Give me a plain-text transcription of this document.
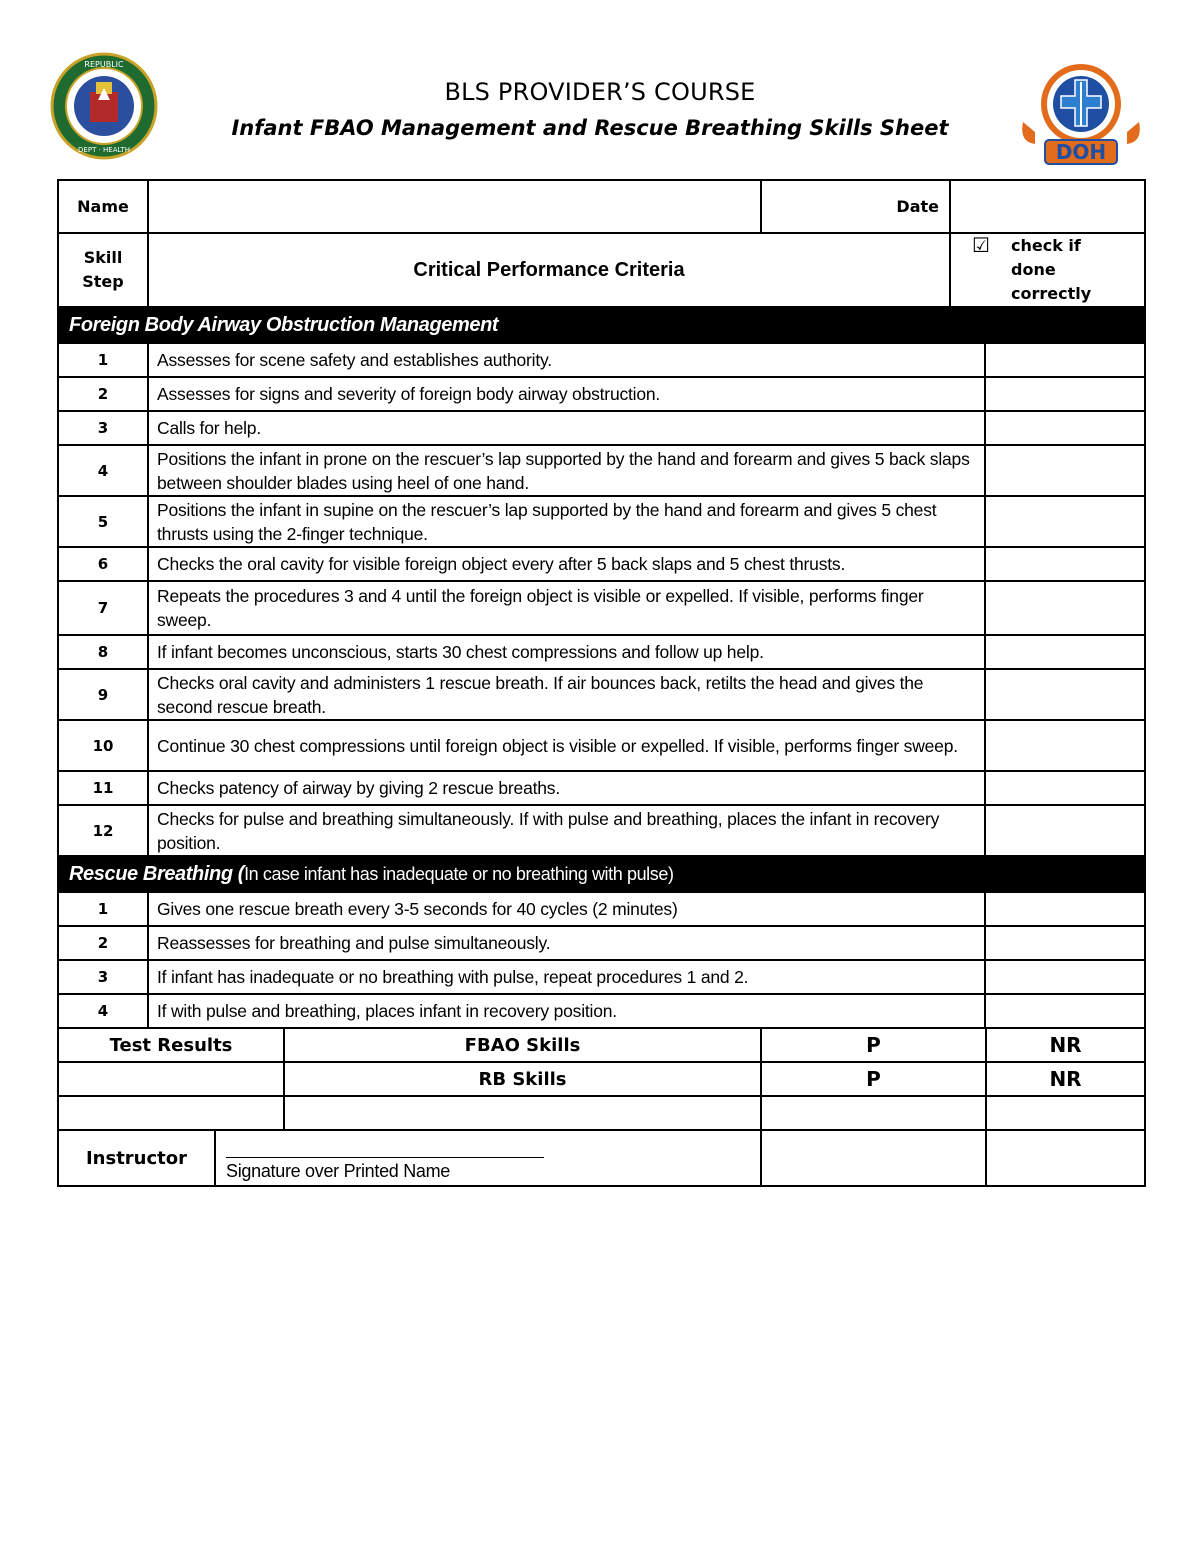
REPUBLIC
DEPT · HEALTH
BLS PROVIDER’S COURSE
Infant FBAO Management and Rescue Breathing Skills Sheet
DOH
Name		Date		
Skill Step	Critical Performance Criteria		☑ check if done correctly	

Foreign Body Airway Obstruction Management				
1	Assesses for scene safety and establishes authority.			
2	Assesses for signs and severity of foreign body airway obstruction.			
3	Calls for help.			
4	Positions the infant in prone on the rescuer’s lap supported by the hand and forearm and gives 5 back slaps between shoulder blades using heel of one hand.			
5	Positions the infant in supine on the rescuer’s lap supported by the hand and forearm and gives 5 chest thrusts using the 2-finger technique.			
6	Checks the oral cavity for visible foreign object every after 5 back slaps and 5 chest thrusts.			
7	Repeats the procedures 3 and 4 until the foreign object is visible or expelled. If visible, performs finger sweep.			
8	If infant becomes unconscious, starts 30 chest compressions and follow up help.			
9	Checks oral cavity and administers 1 rescue breath. If air bounces back, retilts the head and gives the second rescue breath.			
10	Continue 30 chest compressions until foreign object is visible or expelled. If visible, performs finger sweep.			
11	Checks patency of airway by giving 2 rescue breaths.			
12	Checks for pulse and breathing simultaneously. If with pulse and breathing, places the infant in recovery position.			
Rescue Breathing (In case infant has inadequate or no breathing with pulse)				
1	Gives one rescue breath every 3-5 seconds for 40 cycles (2 minutes)			
2	Reassesses for breathing and pulse simultaneously.			
3	If infant has inadequate or no breathing with pulse, repeat procedures 1 and 2.			
4	If with pulse and breathing, places infant in recovery position.			
Test Results		FBAO Skills	P	NR
		RB Skills	P	NR

Instructor	Signature over Printed Name			
